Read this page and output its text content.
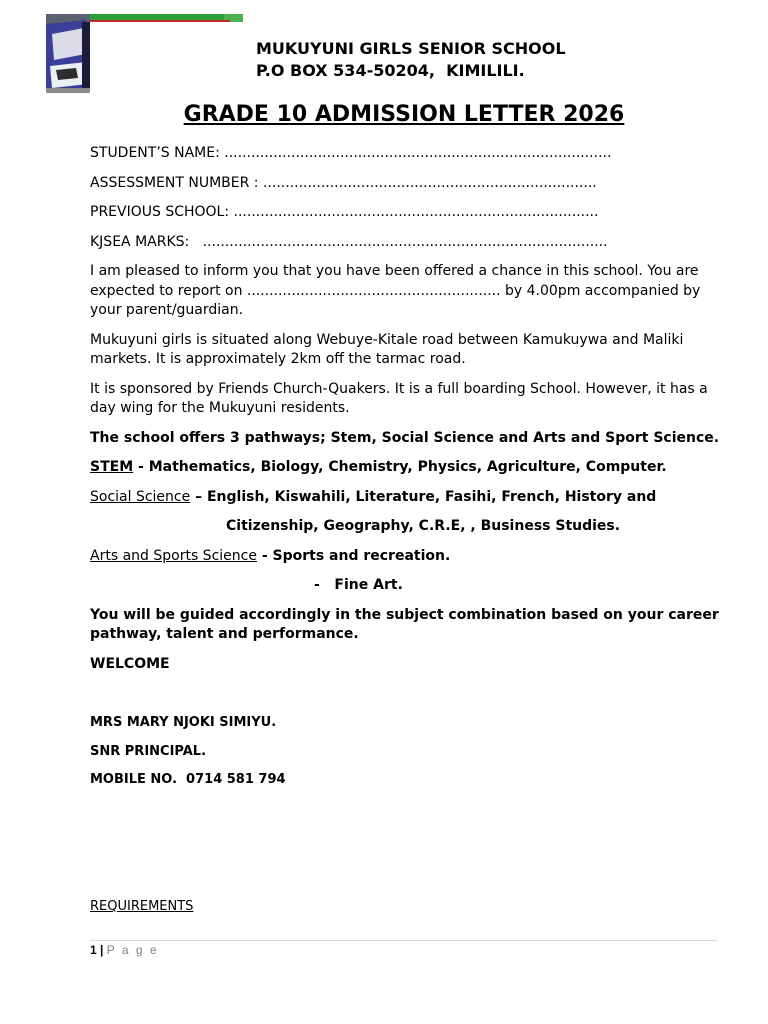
MUKUYUNI GIRLS SENIOR SCHOOL
P.O BOX 534-50204,  KIMILILI.
GRADE 10 ADMISSION LETTER 2026

STUDENT’S NAME: .......................................................................................

ASSESSMENT NUMBER : ...........................................................................

PREVIOUS SCHOOL: ..................................................................................

KJSEA MARKS:   ...........................................................................................

I am pleased to inform you that you have been offered a chance in this school. You are expected to report on ......................................................... by 4.00pm accompanied by your parent/guardian.

Mukuyuni girls is situated along Webuye-Kitale road between Kamukuywa and Maliki markets. It is approximately 2km off the tarmac road.

It is sponsored by Friends Church-Quakers. It is a full boarding School. However, it has a day wing for the Mukuyuni residents.

The school offers 3 pathways; Stem, Social Science and Arts and Sport Science.

STEM - Mathematics, Biology, Chemistry, Physics, Agriculture, Computer.

Social Science – English, Kiswahili, Literature, Fasihi, French, History and

Citizenship, Geography, C.R.E, , Business Studies.

Arts and Sports Science - Sports and recreation.

-   Fine Art.

You will be guided accordingly in the subject combination based on your career pathway, talent and performance.

WELCOME

MRS MARY NJOKI SIMIYU.

SNR PRINCIPAL.

MOBILE NO.  0714 581 794

REQUIREMENTS
1 | P a g e
